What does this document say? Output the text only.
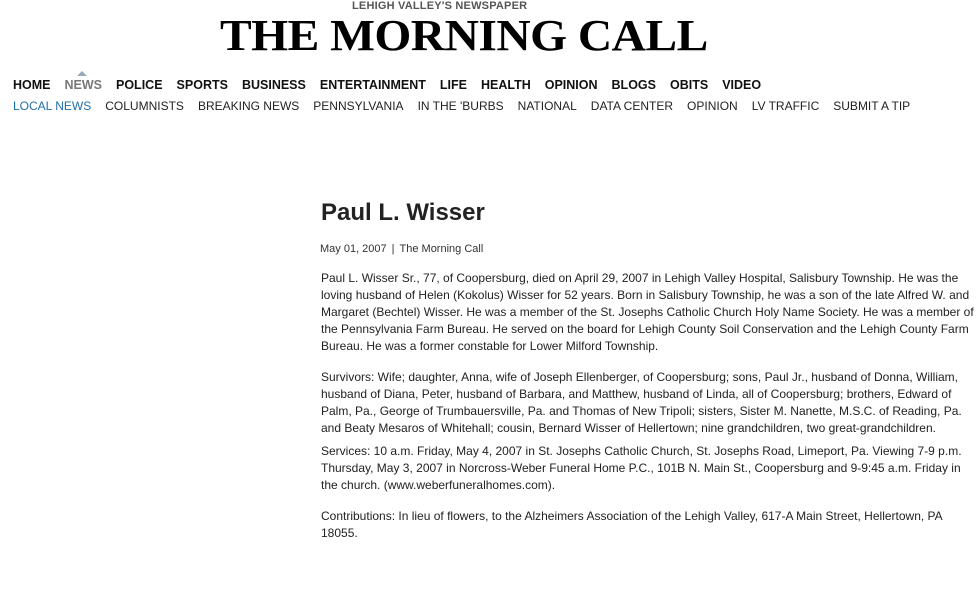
LEHIGH VALLEY'S NEWSPAPER
THE MORNING CALL
HOME NEWS POLICE SPORTS BUSINESS ENTERTAINMENT LIFE HEALTH OPINION BLOGS OBITS VIDEO
LOCAL NEWS COLUMNISTS BREAKING NEWS PENNSYLVANIA IN THE 'BURBS NATIONAL DATA CENTER OPINION LV TRAFFIC SUBMIT A TIP
Paul L. Wisser
May 01, 2007 | The Morning Call

Paul L. Wisser Sr., 77, of Coopersburg, died on April 29, 2007 in Lehigh Valley Hospital, Salisbury Township. He was the loving husband of Helen (Kokolus) Wisser for 52 years. Born in Salisbury Township, he was a son of the late Alfred W. and Margaret (Bechtel) Wisser. He was a member of the St. Josephs Catholic Church Holy Name Society. He was a member of the Pennsylvania Farm Bureau. He served on the board for Lehigh County Soil Conservation and the Lehigh County Farm Bureau. He was a former constable for Lower Milford Township.

Survivors: Wife; daughter, Anna, wife of Joseph Ellenberger, of Coopersburg; sons, Paul Jr., husband of Donna, William, husband of Diana, Peter, husband of Barbara, and Matthew, husband of Linda, all of Coopersburg; brothers, Edward of Palm, Pa., George of Trumbauersville, Pa. and Thomas of New Tripoli; sisters, Sister M. Nanette, M.S.C. of Reading, Pa. and Beaty Mesaros of Whitehall; cousin, Bernard Wisser of Hellertown; nine grandchildren, two great-grandchildren.

Services: 10 a.m. Friday, May 4, 2007 in St. Josephs Catholic Church, St. Josephs Road, Limeport, Pa. Viewing 7-9 p.m. Thursday, May 3, 2007 in Norcross-Weber Funeral Home P.C., 101B N. Main St., Coopersburg and 9-9:45 a.m. Friday in the church. (www.weberfuneralhomes.com).

Contributions: In lieu of flowers, to the Alzheimers Association of the Lehigh Valley, 617-A Main Street, Hellertown, PA 18055.
